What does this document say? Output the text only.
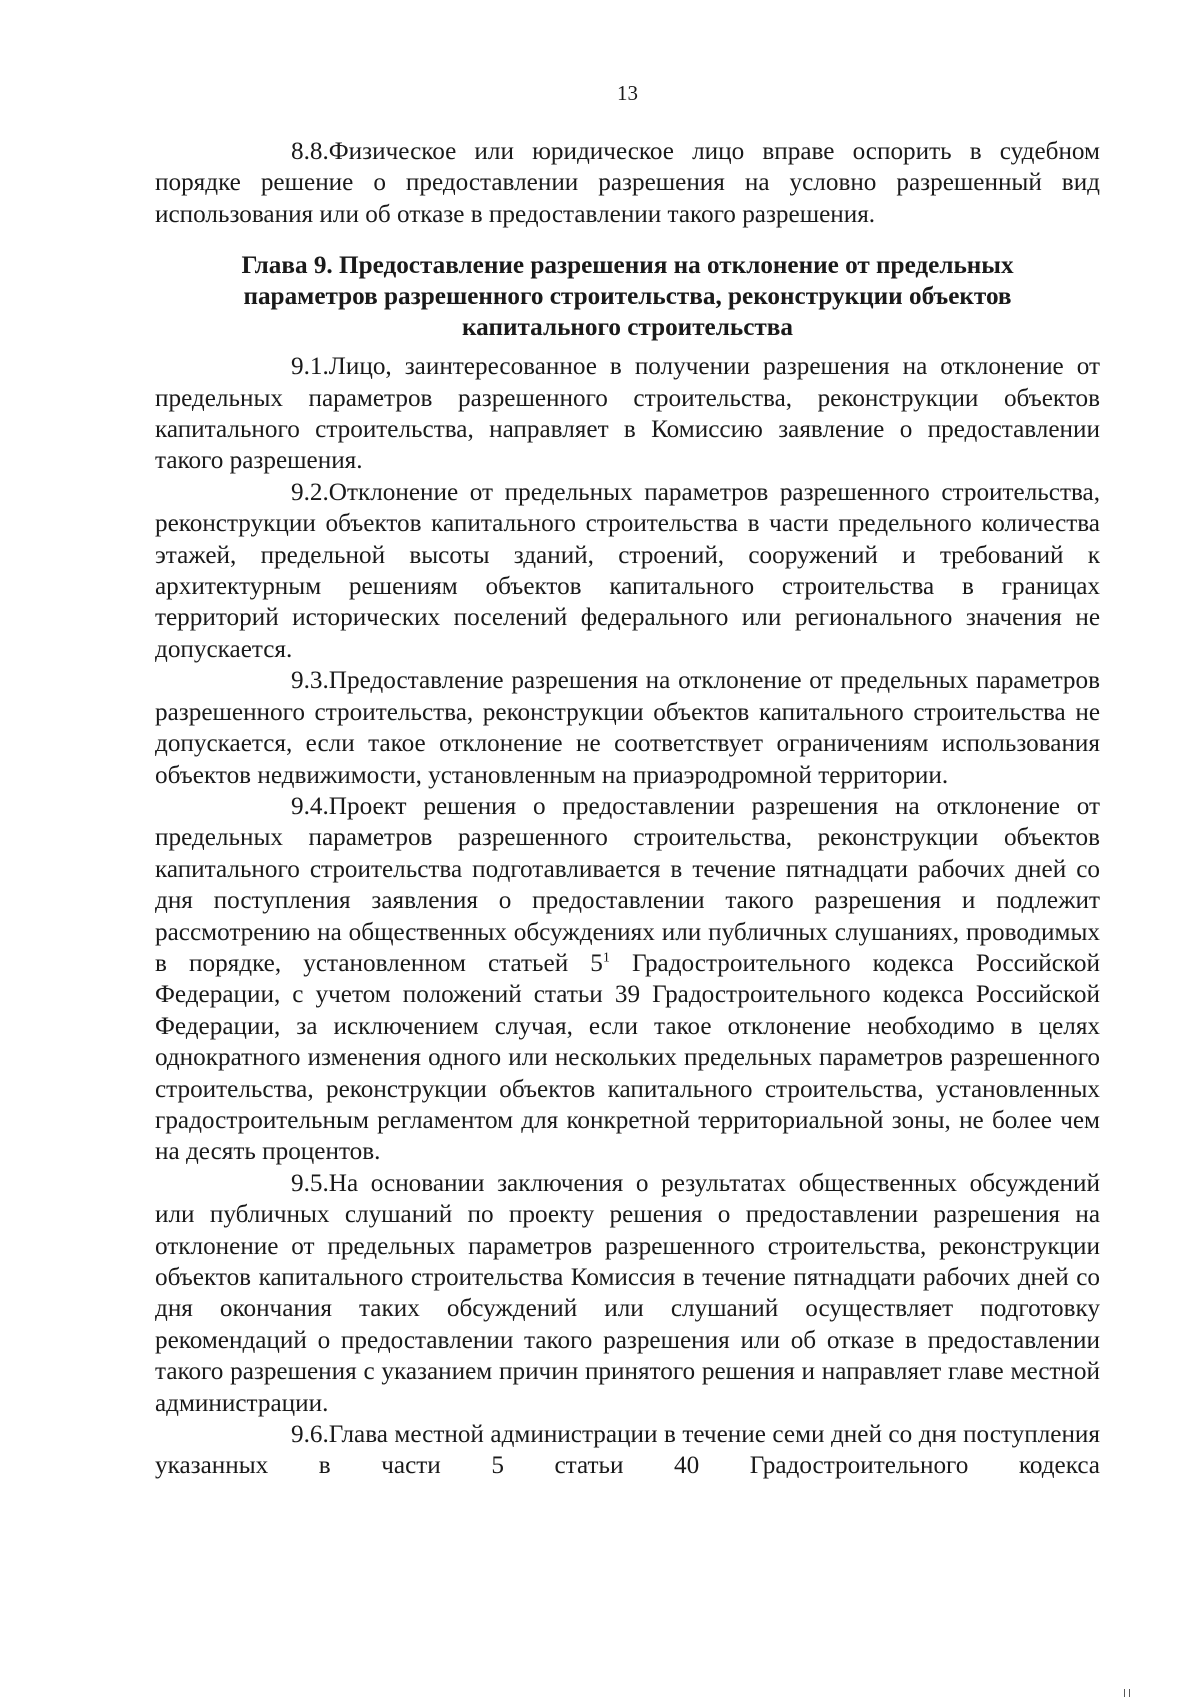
13

8.8.Физическое или юридическое лицо вправе оспорить в судебном порядке решение о предоставлении разрешения на условно разрешенный вид использования или об отказе в предоставлении такого разрешения.

Глава 9. Предоставление разрешения на отклонение от предельных
параметров разрешенного строительства, реконструкции объектов
капитального строительства

9.1.Лицо, заинтересованное в получении разрешения на отклонение от предельных параметров разрешенного строительства, реконструкции объектов капитального строительства, направляет в Комиссию заявление о предоставлении такого разрешения.

9.2.Отклонение от предельных параметров разрешенного строительства, реконструкции объектов капитального строительства в части предельного количества этажей, предельной высоты зданий, строений, сооружений и требований к архитектурным решениям объектов капитального строительства в границах территорий исторических поселений федерального или регионального значения не допускается.

9.3.Предоставление разрешения на отклонение от предельных параметров разрешенного строительства, реконструкции объектов капитального строительства не допускается, если такое отклонение не соответствует ограничениям использования объектов недвижимости, установленным на приаэродромной территории.

9.4.Проект решения о предоставлении разрешения на отклонение от предельных параметров разрешенного строительства, реконструкции объектов капитального строительства подготавливается в течение пятнадцати рабочих дней со дня поступления заявления о предоставлении такого разрешения и подлежит рассмотрению на общественных обсуждениях или публичных слушаниях, проводимых в порядке, установленном статьей $5^1$ Градостроительного кодекса Российской Федерации, с учетом положений статьи 39 Градостроительного кодекса Российской Федерации, за исключением случая, если такое отклонение необходимо в целях однократного изменения одного или нескольких предельных параметров разрешенного строительства, реконструкции объектов капитального строительства, установленных градостроительным регламентом для конкретной территориальной зоны, не более чем на десять процентов.

9.5.На основании заключения о результатах общественных обсуждений или публичных слушаний по проекту решения о предоставлении разрешения на отклонение от предельных параметров разрешенного строительства, реконструкции объектов капитального строительства Комиссия в течение пятнадцати рабочих дней со дня окончания таких обсуждений или слушаний осуществляет подготовку рекомендаций о предоставлении такого разрешения или об отказе в предоставлении такого разрешения с указанием причин принятого решения и направляет главе местной администрации.

9.6.Глава местной администрации в течение семи дней со дня поступления указанных в части 5 статьи 40 Градостроительного кодекса
